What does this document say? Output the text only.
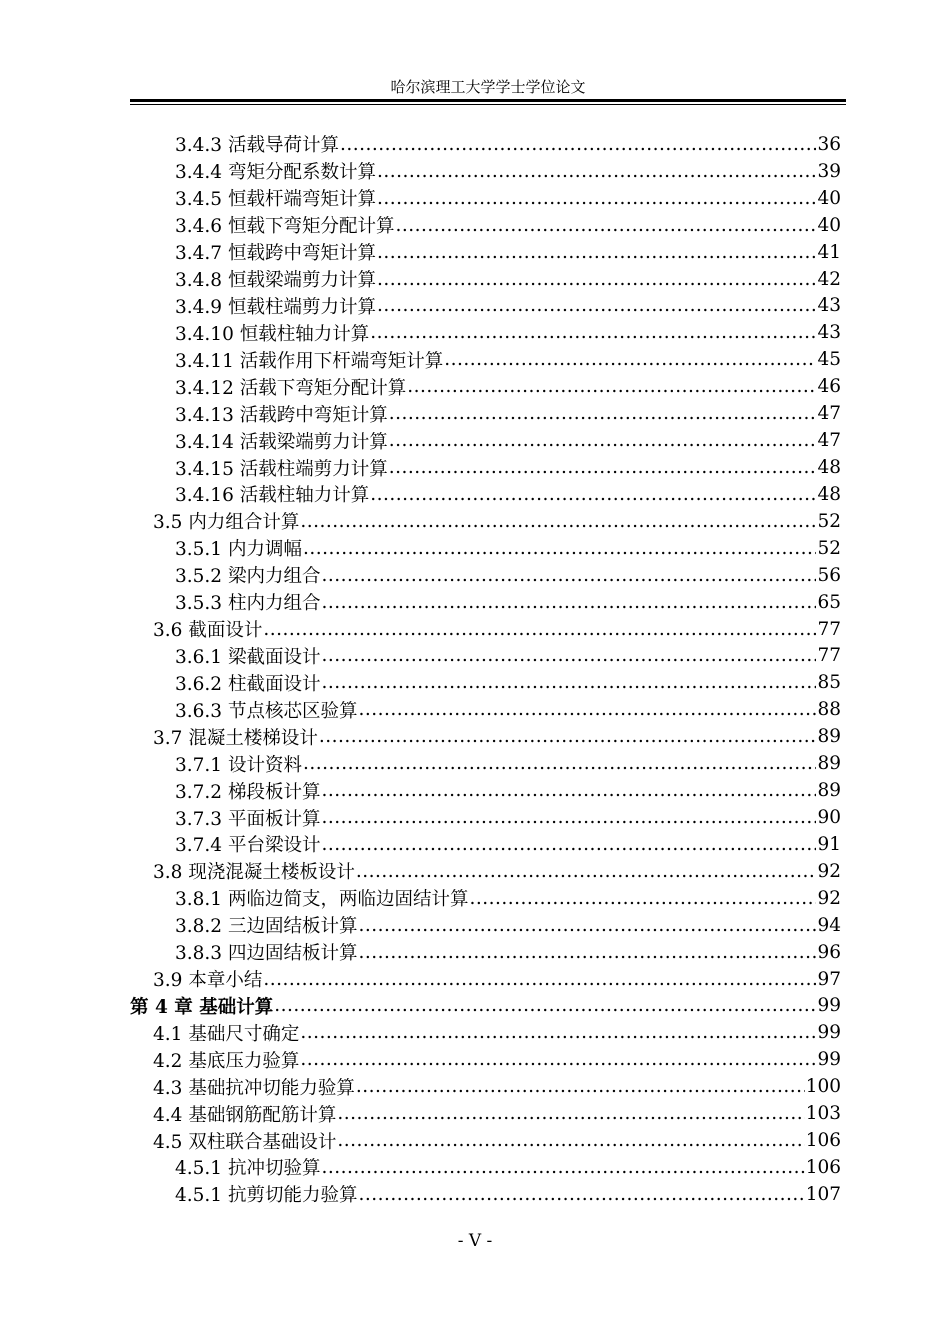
哈尔滨理工大学学士学位论文
3.4.3 活载导荷计算 .....	36
3.4.4 弯矩分配系数计算 .....	39
3.4.5 恒载杆端弯矩计算 .....	40
3.4.6 恒载下弯矩分配计算 .....	40
3.4.7 恒载跨中弯矩计算 .....	41
3.4.8 恒载梁端剪力计算 .....	42
3.4.9 恒载柱端剪力计算 .....	43
3.4.10 恒载柱轴力计算 .....	43
3.4.11 活载作用下杆端弯矩计算 .....	45
3.4.12 活载下弯矩分配计算 .....	46
3.4.13 活载跨中弯矩计算 .....	47
3.4.14 活载梁端剪力计算 .....	47
3.4.15 活载柱端剪力计算 .....	48
3.4.16 活载柱轴力计算 .....	48
3.5 内力组合计算 .....	52
3.5.1 内力调幅 .....	52
3.5.2 梁内力组合 .....	56
3.5.3 柱内力组合 .....	65
3.6 截面设计 .....	77
3.6.1 梁截面设计 .....	77
3.6.2 柱截面设计 .....	85
3.6.3 节点核芯区验算 .....	88
3.7 混凝土楼梯设计 .....	89
3.7.1 设计资料 .....	89
3.7.2 梯段板计算 .....	89
3.7.3 平面板计算 .....	90
3.7.4 平台梁设计 .....	91
3.8 现浇混凝土楼板设计 .....	92
3.8.1 两临边简支，两临边固结计算 .....	92
3.8.2 三边固结板计算 .....	94
3.8.3 四边固结板计算 .....	96
3.9 本章小结 .....	97
第 4 章 基础计算 .....	99
4.1 基础尺寸确定 .....	99
4.2 基底压力验算 .....	99
4.3 基础抗冲切能力验算 .....	100
4.4 基础钢筋配筋计算 .....	103
4.5 双柱联合基础设计 .....	106
4.5.1 抗冲切验算 .....	106
4.5.1 抗剪切能力验算 .....	107
- V -
